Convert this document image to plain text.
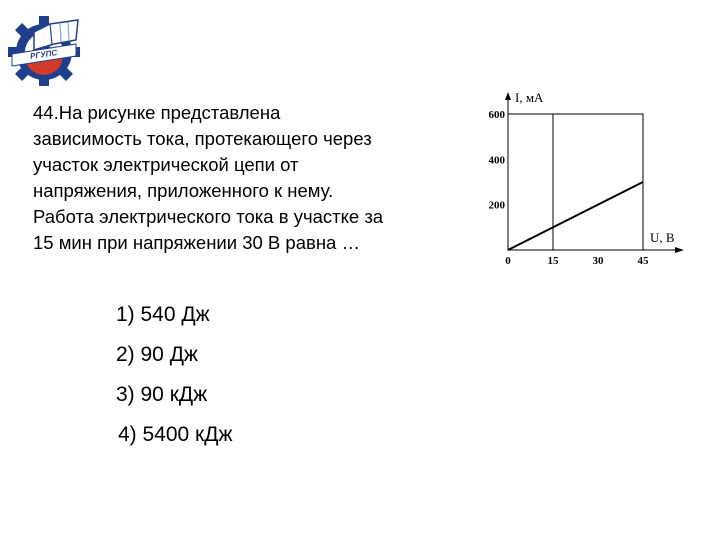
РГУПС
44.На рисунке представлена
зависимость тока, протекающего через
участок электрической цепи от
напряжения, приложенного к нему.
Работа электрического тока в участке за
15 мин при напряжении 30 В равна …
1) 540 Дж
2) 90 Дж
3) 90 кДж
4) 5400 кДж
I, мА
U, В
600
400
200
0	15	30	45
